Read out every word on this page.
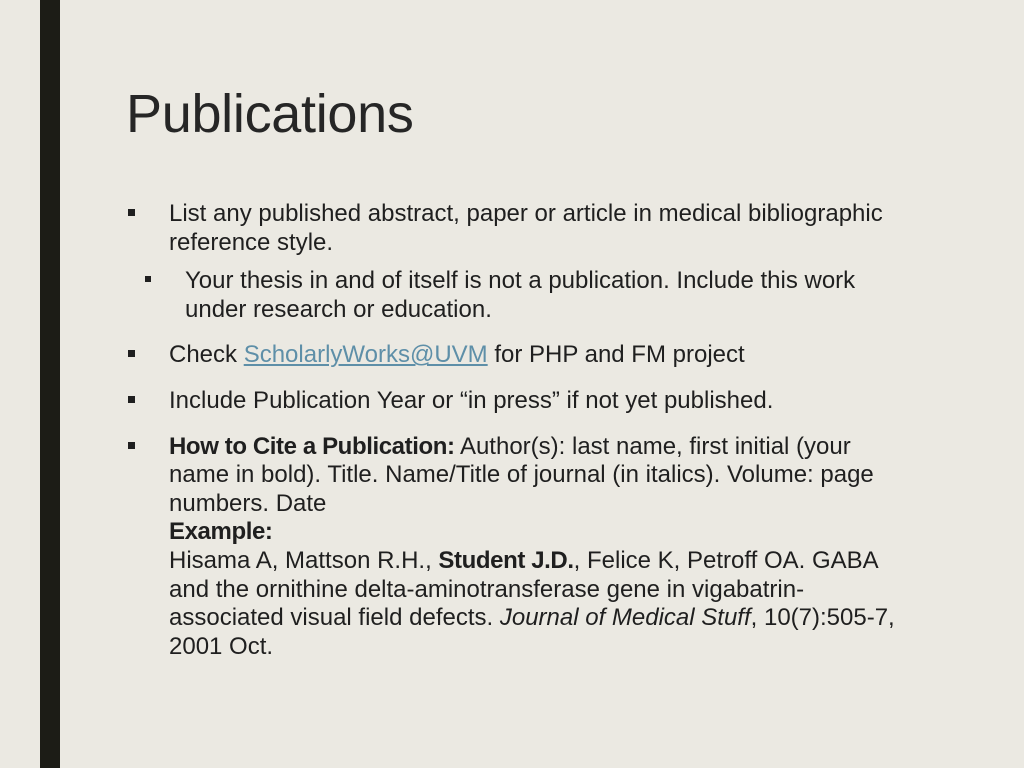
Publications
List any published abstract, paper or article in medical bibliographic reference style.
Your thesis in and of itself is not a publication. Include this work under research or education.
Check ScholarlyWorks@UVM for PHP and FM project
Include Publication Year or “in press” if not yet published.
How to Cite a Publication: Author(s): last name, first initial (your name in bold). Title. Name/Title of journal (in italics). Volume: page numbers. Date
Example:
Hisama A, Mattson R.H., Student J.D., Felice K, Petroff OA. GABA and the ornithine delta-aminotransferase gene in vigabatrin-associated visual field defects. Journal of Medical Stuff, 10(7):505-7, 2001 Oct.
